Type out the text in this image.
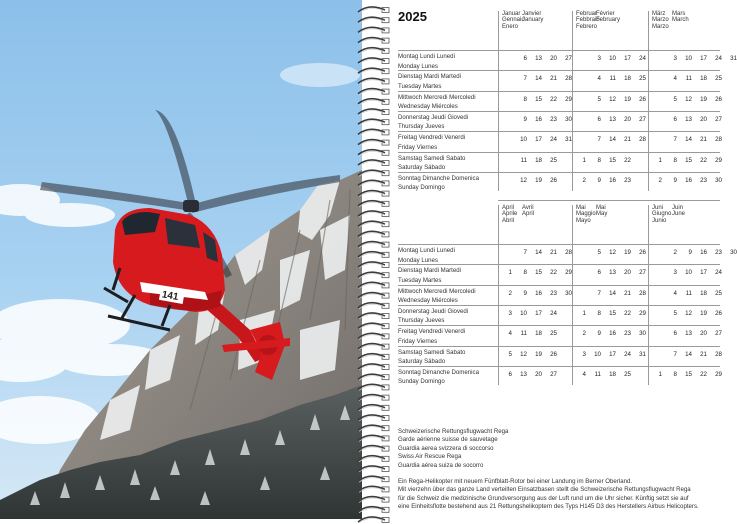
141
2025	Januar
Gennaio
Enero
Janvier
January
6
7
8
9
10
11
12
13
14
15
16
17
18
19
20
21
22
23
24
25
26
27
28
29
30
31
Februar
Febbraio
Febrero
Février
February
1
2
3
4
5
6
7
8
9
10
11
12
13
14
15
16
17
18
19
20
21
22
23
24
25
26
27
28
März
Marzo
Marzo
Mars
March
1
2
3
4
5
6
7
8
9
10
11
12
13
14
15
16
17
18
19
20
21
22
23
24
25
26
27
28
29
30
31
Montag Lundi Lunedi
Monday Lunes
Dienstag Mardi Martedi
Tuesday Martes
Mittwoch Mercredi Mercoledi
Wednesday Miércoles
Donnerstag Jeudi Giovedi
Thursday Jueves
Freitag Vendredi Venerdi
Friday Viernes
Samstag Samedi Sabato
Saturday Sábado
Sonntag Dimanche Domenica
Sunday Domingo
April
Aprile
Abril
Avril
April
1
2
3
4
5
6
7
8
9
10
11
12
13
14
15
16
17
18
19
20
21
22
23
24
25
26
27
28
29
30
Mai
Maggio
Mayo
Mai
May
1
2
3
4
5
6
7
8
9
10
11
12
13
14
15
16
17
18
19
20
21
22
23
24
25
26
27
28
29
30
31
Juni
Giugno
Junio
Juin
June
1
2
3
4
5
6
7
8
9
10
11
12
13
14
15
16
17
18
19
20
21
22
23
24
25
26
27
28
29
30
Montag Lundi Lunedi
Monday Lunes
Dienstag Mardi Martedi
Tuesday Martes
Mittwoch Mercredi Mercoledi
Wednesday Miércoles
Donnerstag Jeudi Giovedi
Thursday Jueves
Freitag Vendredi Venerdi
Friday Viernes
Samstag Samedi Sabato
Saturday Sábado
Sonntag Dimanche Domenica
Sunday Domingo
Schweizerische Rettungsflugwacht Rega
Garde aérienne suisse de sauvetage
Guardia aerea svizzera di soccorso
Swiss Air Rescue Rega
Guardia aérea suiza de socorro
Ein Rega-Helikopter mit neuem Fünfblatt-Rotor bei einer Landung im Berner Oberland.
Mit vierzehn über das ganze Land verteilten Einsatzbasen stellt die Schweizerische Rettungsflugwacht Rega
für die Schweiz die medizinische Grundversorgung aus der Luft rund um die Uhr sicher. Künftig setzt sie auf
eine Einheitsflotte bestehend aus 21 Rettungshelikoptern des Typs H145 D3 des Herstellers Airbus Helicopters.
